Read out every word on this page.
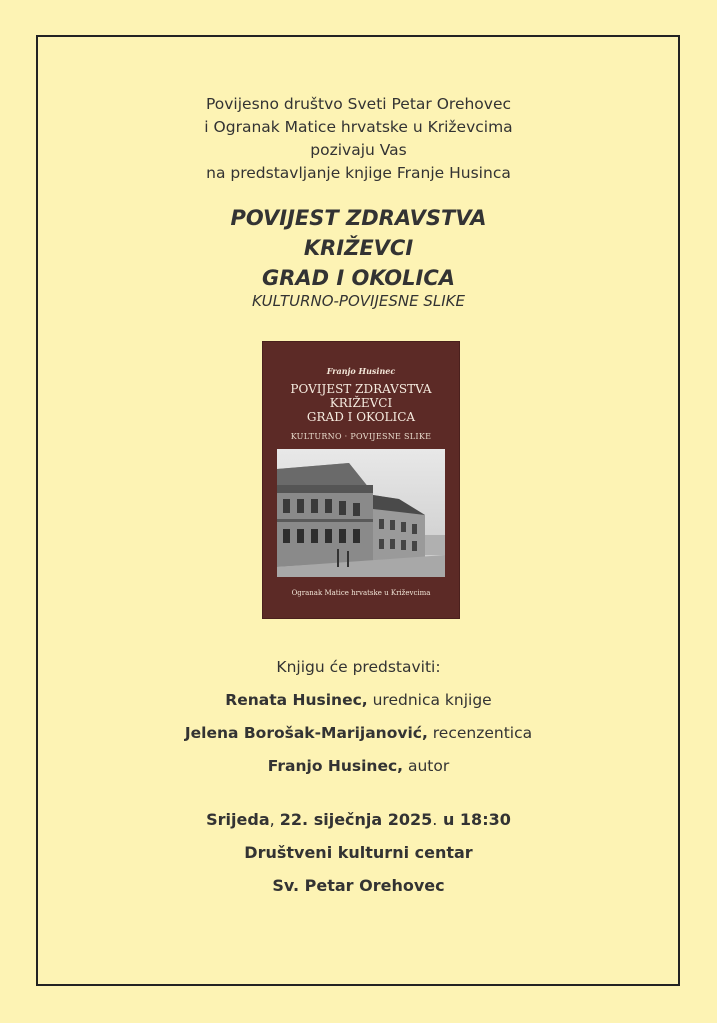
Povijesno društvo Sveti Petar Orehovec
i Ogranak Matice hrvatske u Križevcima
pozivaju Vas
na predstavljanje knjige Franje Husinca
POVIJEST ZDRAVSTVA
KRIŽEVCI
GRAD I OKOLICA
KULTURNO-POVIJESNE SLIKE
Franjo Husinec
POVIJEST ZDRAVSTVA
KRIŽEVCI
GRAD I OKOLICA
KULTURNO · POVIJESNE SLIKE
Ogranak Matice hrvatske u Križevcima
Knjigu će predstaviti:
Renata Husinec, urednica knjige
Jelena Borošak-Marijanović, recenzentica
Franjo Husinec, autor
Srijeda, 22. siječnja 2025. u 18:30
Društveni kulturni centar
Sv. Petar Orehovec
